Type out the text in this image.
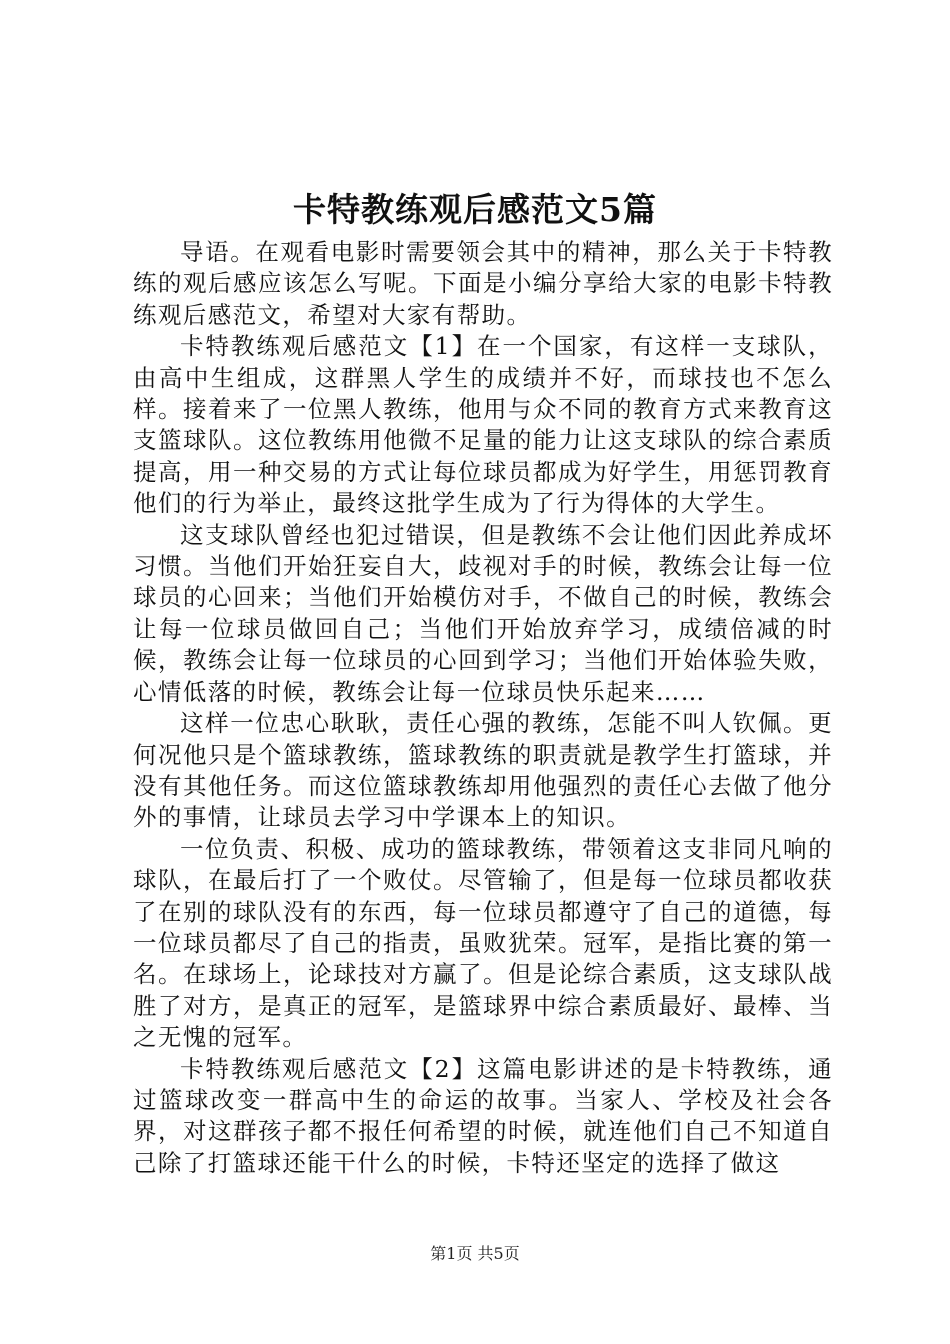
卡特教练观后感范文5篇

导语。在观看电影时需要领会其中的精神，那么关于卡特教练的观后感应该怎么写呢。下面是小编分享给大家的电影卡特教练观后感范文，希望对大家有帮助。

卡特教练观后感范文【1】在一个国家，有这样一支球队，由高中生组成，这群黑人学生的成绩并不好，而球技也不怎么样。接着来了一位黑人教练，他用与众不同的教育方式来教育这支篮球队。这位教练用他微不足量的能力让这支球队的综合素质提高，用一种交易的方式让每位球员都成为好学生，用惩罚教育他们的行为举止，最终这批学生成为了行为得体的大学生。

这支球队曾经也犯过错误，但是教练不会让他们因此养成坏习惯。当他们开始狂妄自大，歧视对手的时候，教练会让每一位球员的心回来；当他们开始模仿对手，不做自己的时候，教练会让每一位球员做回自己；当他们开始放弃学习，成绩倍减的时候，教练会让每一位球员的心回到学习；当他们开始体验失败，心情低落的时候，教练会让每一位球员快乐起来……

这样一位忠心耿耿，责任心强的教练，怎能不叫人钦佩。更何况他只是个篮球教练，篮球教练的职责就是教学生打篮球，并没有其他任务。而这位篮球教练却用他强烈的责任心去做了他分外的事情，让球员去学习中学课本上的知识。

一位负责、积极、成功的篮球教练，带领着这支非同凡响的球队，在最后打了一个败仗。尽管输了，但是每一位球员都收获了在别的球队没有的东西，每一位球员都遵守了自己的道德，每一位球员都尽了自己的指责，虽败犹荣。冠军，是指比赛的第一名。在球场上，论球技对方赢了。但是论综合素质，这支球队战胜了对方，是真正的冠军，是篮球界中综合素质最好、最棒、当之无愧的冠军。

卡特教练观后感范文【2】这篇电影讲述的是卡特教练，通过篮球改变一群高中生的命运的故事。当家人、学校及社会各界，对这群孩子都不报任何希望的时候，就连他们自己不知道自己除了打篮球还能干什么的时候，卡特还坚定的选择了做这

第1页 共5页
